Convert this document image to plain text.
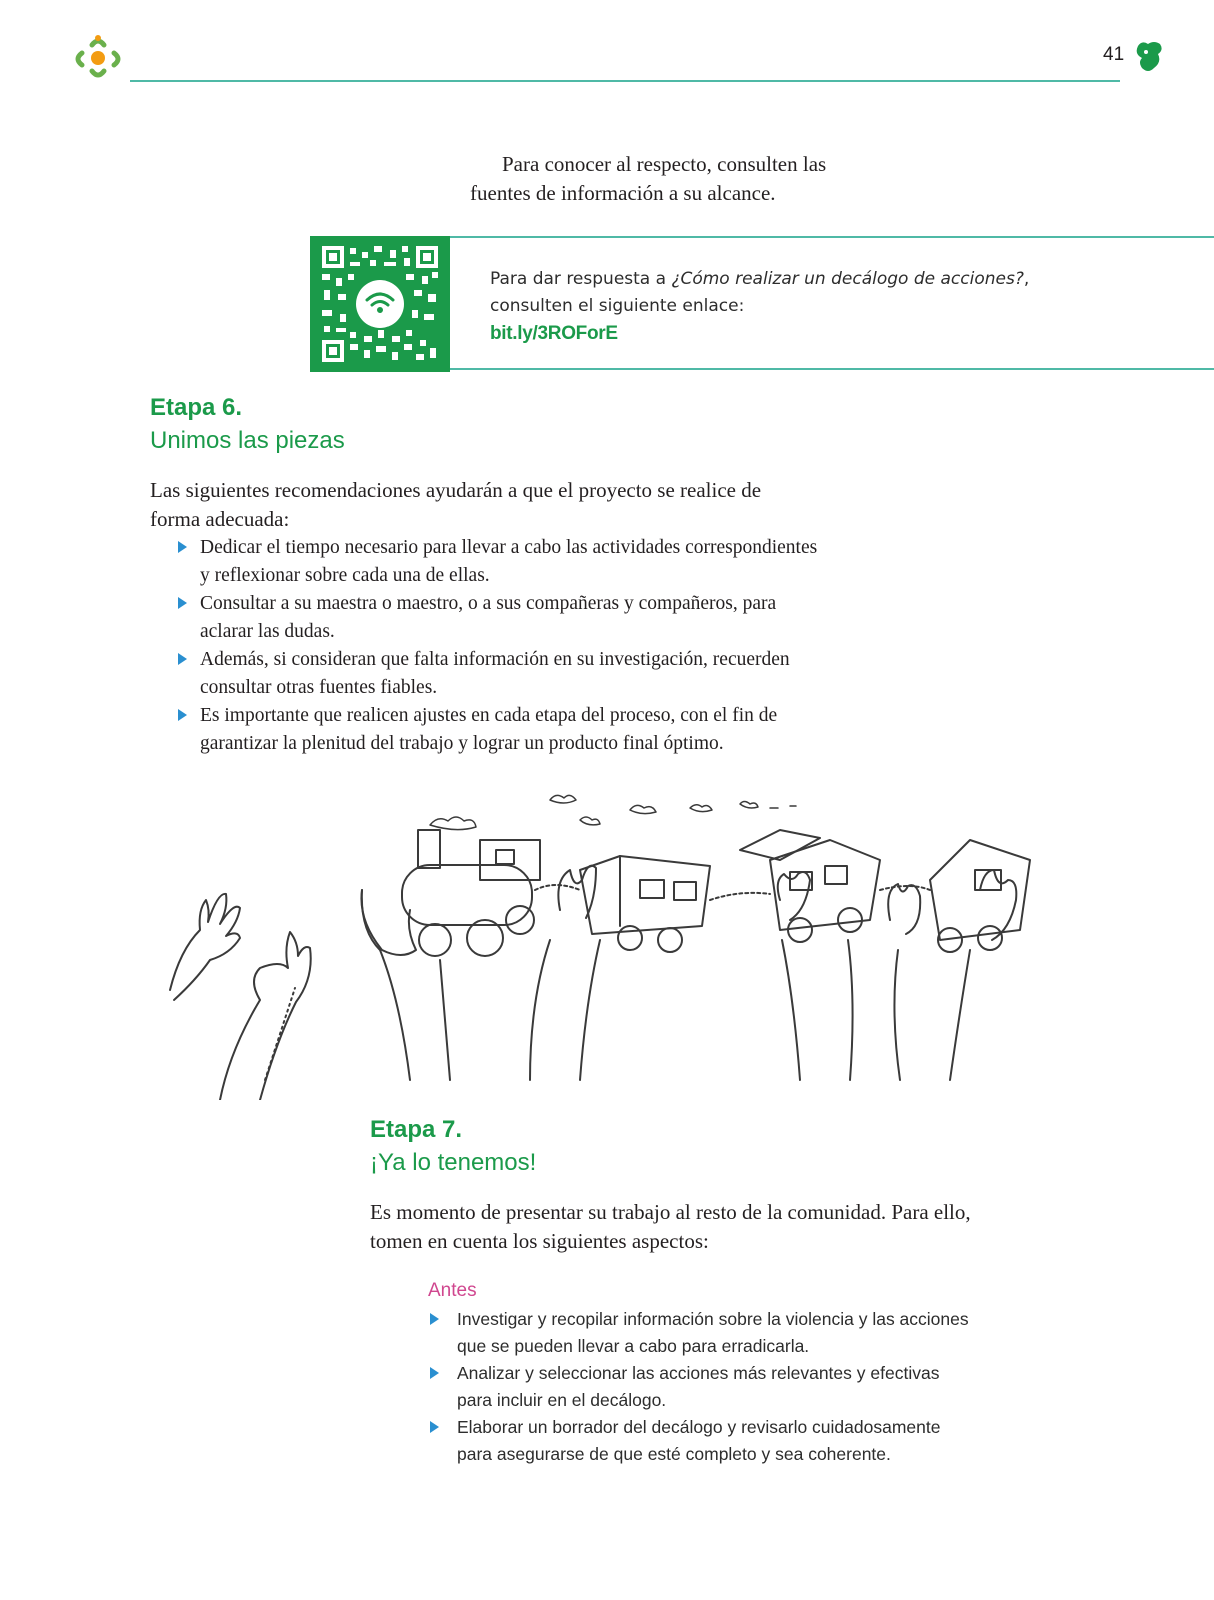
41
Para conocer al respecto, consulten las
fuentes de información a su alcance.
Para dar respuesta a ¿Cómo realizar un decálogo de acciones?,
consulten el siguiente enlace:
bit.ly/3ROForE
Etapa 6.
Unimos las piezas
Las siguientes recomendaciones ayudarán a que el proyecto se realice de forma adecuada:
Dedicar el tiempo necesario para llevar a cabo las actividades correspondientes y reflexionar sobre cada una de ellas.
Consultar a su maestra o maestro, o a sus compañeras y compañeros, para aclarar las dudas.
Además, si consideran que falta información en su investigación, recuerden consultar otras fuentes fiables.
Es importante que realicen ajustes en cada etapa del proceso, con el fin de garantizar la plenitud del trabajo y lograr un producto final óptimo.
Etapa 7.
¡Ya lo tenemos!
Es momento de presentar su trabajo al resto de la comunidad. Para ello, tomen en cuenta los siguientes aspectos:
Antes
Investigar y recopilar información sobre la violencia y las acciones que se pueden llevar a cabo para erradicarla.
Analizar y seleccionar las acciones más relevantes y efectivas para incluir en el decálogo.
Elaborar un borrador del decálogo y revisarlo cuidadosamente para asegurarse de que esté completo y sea coherente.
